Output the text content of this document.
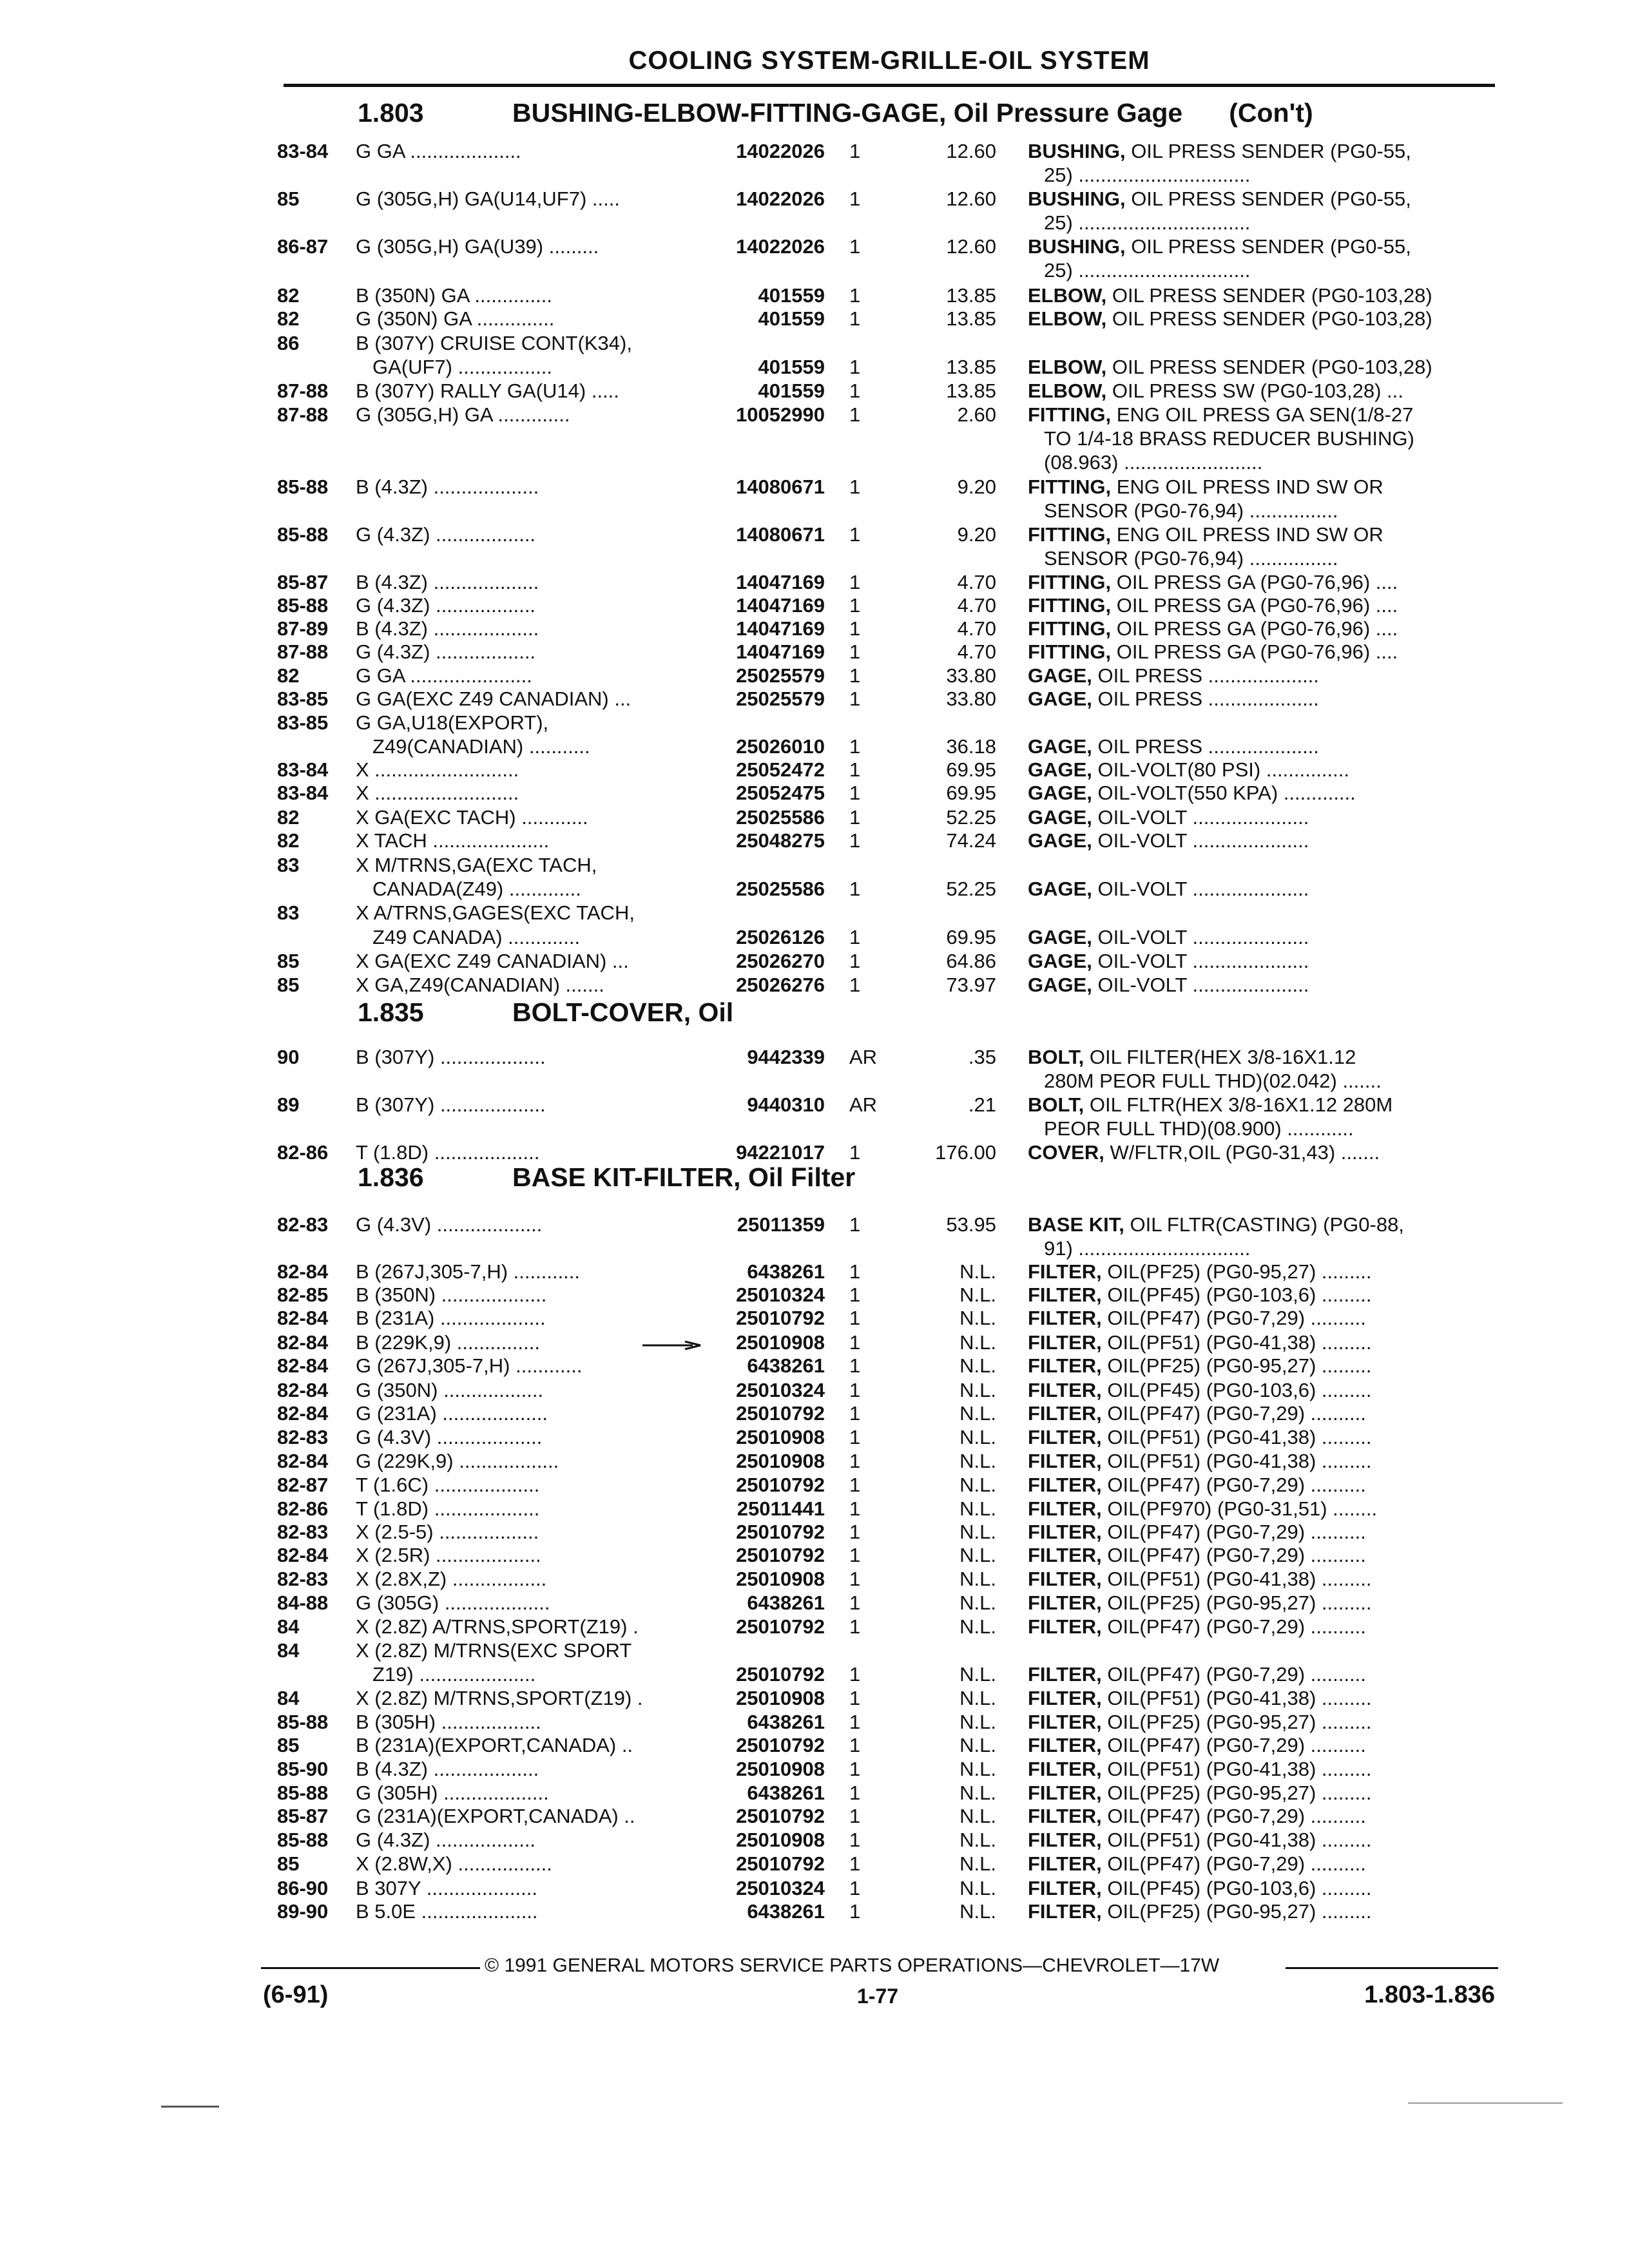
COOLING SYSTEM-GRILLE-OIL SYSTEM
1.803	BUSHING-ELBOW-FITTING-GAGE, Oil Pressure Gage (Con't)
1.835	BOLT-COVER, Oil
1.836	BASE KIT-FILTER, Oil Filter
83-84	G GA ....................	14022026 1	12.60 BUSHING, OIL PRESS SENDER (PG0-55,
25) ...............................
85	G (305G,H) GA(U14,UF7) .....	14022026 1	12.60 BUSHING, OIL PRESS SENDER (PG0-55,
25) ...............................
86-87	G (305G,H) GA(U39) .........	14022026 1	12.60 BUSHING, OIL PRESS SENDER (PG0-55,
25) ...............................
82	B (350N) GA ..............	401559 1	13.85 ELBOW, OIL PRESS SENDER (PG0-103,28)
82	G (350N) GA ..............	401559 1	13.85 ELBOW, OIL PRESS SENDER (PG0-103,28)
86	B (307Y) CRUISE CONT(K34),
GA(UF7) .................	401559 1	13.85 ELBOW, OIL PRESS SENDER (PG0-103,28)
87-88	B (307Y) RALLY GA(U14) .....	401559 1	13.85 ELBOW, OIL PRESS SW (PG0-103,28) ...
87-88	G (305G,H) GA .............	10052990 1	2.60 FITTING, ENG OIL PRESS GA SEN(1/8-27
TO 1/4-18 BRASS REDUCER BUSHING)
(08.963) .........................
85-88	B (4.3Z) ...................	14080671 1	9.20 FITTING, ENG OIL PRESS IND SW OR
SENSOR (PG0-76,94) ................
85-88	G (4.3Z) ..................	14080671 1	9.20 FITTING, ENG OIL PRESS IND SW OR
SENSOR (PG0-76,94) ................
85-87	B (4.3Z) ...................	14047169 1	4.70 FITTING, OIL PRESS GA (PG0-76,96) ....
85-88	G (4.3Z) ..................	14047169 1	4.70 FITTING, OIL PRESS GA (PG0-76,96) ....
87-89	B (4.3Z) ...................	14047169 1	4.70 FITTING, OIL PRESS GA (PG0-76,96) ....
87-88	G (4.3Z) ..................	14047169 1	4.70 FITTING, OIL PRESS GA (PG0-76,96) ....
82	G GA ......................	25025579 1	33.80 GAGE, OIL PRESS ....................
83-85	G GA(EXC Z49 CANADIAN) ...	25025579 1	33.80 GAGE, OIL PRESS ....................
83-85	G GA,U18(EXPORT),
Z49(CANADIAN) ...........	25026010 1	36.18 GAGE, OIL PRESS ....................
83-84	X ..........................	25052472 1	69.95 GAGE, OIL-VOLT(80 PSI) ...............
83-84	X ..........................	25052475 1	69.95 GAGE, OIL-VOLT(550 KPA) .............
82	X GA(EXC TACH) ............	25025586 1	52.25 GAGE, OIL-VOLT .....................
82	X TACH .....................	25048275 1	74.24 GAGE, OIL-VOLT .....................
83	X M/TRNS,GA(EXC TACH,
CANADA(Z49) .............	25025586 1	52.25 GAGE, OIL-VOLT .....................
83	X A/TRNS,GAGES(EXC TACH,
Z49 CANADA) .............	25026126 1	69.95 GAGE, OIL-VOLT .....................
85	X GA(EXC Z49 CANADIAN) ...	25026270 1	64.86 GAGE, OIL-VOLT .....................
85	X GA,Z49(CANADIAN) .......	25026276 1	73.97 GAGE, OIL-VOLT .....................
90	B (307Y) ...................	9442339 AR	.35 BOLT, OIL FILTER(HEX 3/8-16X1.12
280M PEOR FULL THD)(02.042) .......
89	B (307Y) ...................	9440310 AR	.21 BOLT, OIL FLTR(HEX 3/8-16X1.12 280M
PEOR FULL THD)(08.900) ............
82-86	T (1.8D) ...................	94221017 1	176.00 COVER, W/FLTR,OIL (PG0-31,43) .......
82-83	G (4.3V) ...................	25011359 1	53.95 BASE KIT, OIL FLTR(CASTING) (PG0-88,
91) ...............................
82-84	B (267J,305-7,H) ............	6438261 1	N.L. FILTER, OIL(PF25) (PG0-95,27) .........
82-85	B (350N) ...................	25010324 1	N.L. FILTER, OIL(PF45) (PG0-103,6) .........
82-84	B (231A) ...................	25010792 1	N.L. FILTER, OIL(PF47) (PG0-7,29) ..........
82-84	B (229K,9) ...............	25010908 1	N.L. FILTER, OIL(PF51) (PG0-41,38) .........
82-84	G (267J,305-7,H) ............	6438261 1	N.L. FILTER, OIL(PF25) (PG0-95,27) .........
82-84	G (350N) ..................	25010324 1	N.L. FILTER, OIL(PF45) (PG0-103,6) .........
82-84	G (231A) ...................	25010792 1	N.L. FILTER, OIL(PF47) (PG0-7,29) ..........
82-83	G (4.3V) ...................	25010908 1	N.L. FILTER, OIL(PF51) (PG0-41,38) .........
82-84	G (229K,9) ..................	25010908 1	N.L. FILTER, OIL(PF51) (PG0-41,38) .........
82-87	T (1.6C) ...................	25010792 1	N.L. FILTER, OIL(PF47) (PG0-7,29) ..........
82-86	T (1.8D) ...................	25011441 1	N.L. FILTER, OIL(PF970) (PG0-31,51) ........
82-83	X (2.5-5) ..................	25010792 1	N.L. FILTER, OIL(PF47) (PG0-7,29) ..........
82-84	X (2.5R) ...................	25010792 1	N.L. FILTER, OIL(PF47) (PG0-7,29) ..........
82-83	X (2.8X,Z) .................	25010908 1	N.L. FILTER, OIL(PF51) (PG0-41,38) .........
84-88	G (305G) ...................	6438261 1	N.L. FILTER, OIL(PF25) (PG0-95,27) .........
84	X (2.8Z) A/TRNS,SPORT(Z19) .	25010792 1	N.L. FILTER, OIL(PF47) (PG0-7,29) ..........
84	X (2.8Z) M/TRNS(EXC SPORT
Z19) .....................	25010792 1	N.L. FILTER, OIL(PF47) (PG0-7,29) ..........
84	X (2.8Z) M/TRNS,SPORT(Z19) .	25010908 1	N.L. FILTER, OIL(PF51) (PG0-41,38) .........
85-88	B (305H) ..................	6438261 1	N.L. FILTER, OIL(PF25) (PG0-95,27) .........
85	B (231A)(EXPORT,CANADA) ..	25010792 1	N.L. FILTER, OIL(PF47) (PG0-7,29) ..........
85-90	B (4.3Z) ...................	25010908 1	N.L. FILTER, OIL(PF51) (PG0-41,38) .........
85-88	G (305H) ...................	6438261 1	N.L. FILTER, OIL(PF25) (PG0-95,27) .........
85-87	G (231A)(EXPORT,CANADA) ..	25010792 1	N.L. FILTER, OIL(PF47) (PG0-7,29) ..........
85-88	G (4.3Z) ..................	25010908 1	N.L. FILTER, OIL(PF51) (PG0-41,38) .........
85	X (2.8W,X) .................	25010792 1	N.L. FILTER, OIL(PF47) (PG0-7,29) ..........
86-90	B 307Y ....................	25010324 1	N.L. FILTER, OIL(PF45) (PG0-103,6) .........
89-90	B 5.0E .....................	6438261 1	N.L. FILTER, OIL(PF25) (PG0-95,27) .........
© 1991 GENERAL MOTORS SERVICE PARTS OPERATIONS—CHEVROLET—17W
(6-91)	1-77	1.803-1.836
